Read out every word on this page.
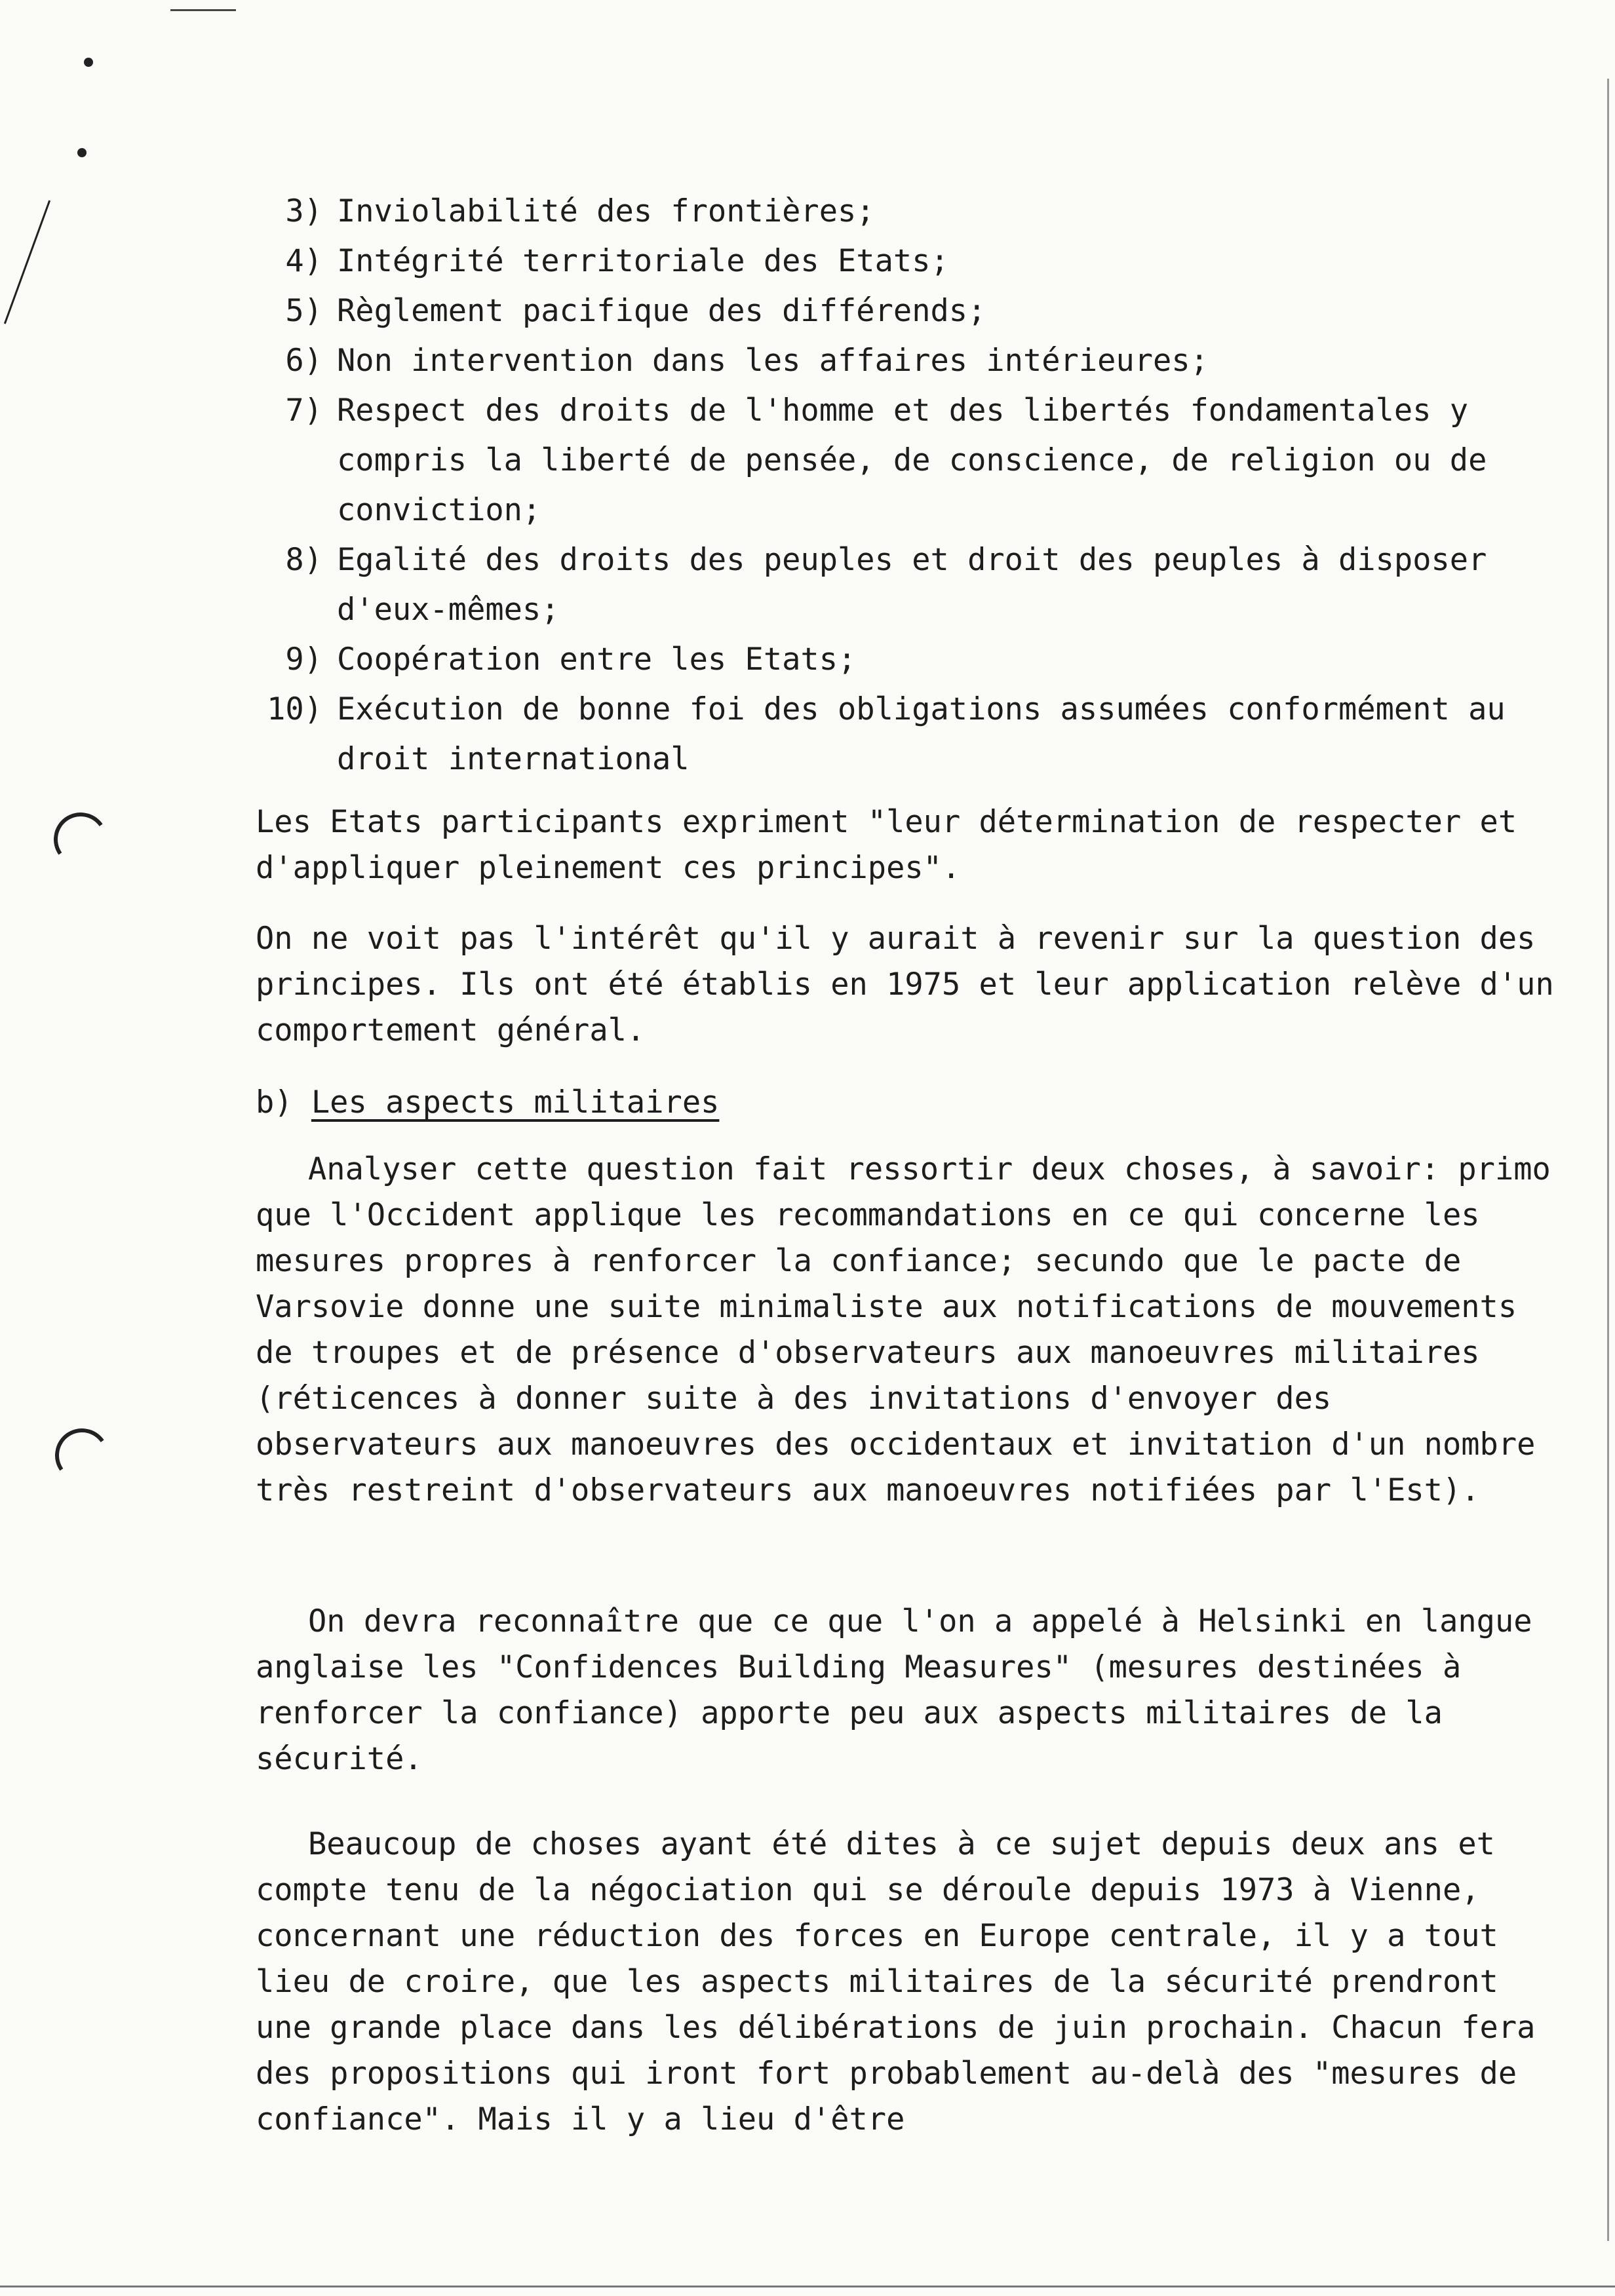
3) Inviolabilité des frontières;
4) Intégrité territoriale des Etats;
5) Règlement pacifique des différends;
6) Non intervention dans les affaires intérieures;
7) Respect des droits de l'homme et des libertés fondamentales y compris la liberté de pensée, de conscience, de religion ou de conviction;
8) Egalité des droits des peuples et droit des peuples à disposer d'eux-mêmes;
9) Coopération entre les Etats;
10) Exécution de bonne foi des obligations assumées conformément au droit international

Les Etats participants expriment "leur détermination de respecter et d'appliquer pleinement ces principes".

On ne voit pas l'intérêt qu'il y aurait à revenir sur la question des principes. Ils ont été établis en 1975 et leur application relève d'un comportement général.

b) Les aspects militaires

Analyser cette question fait ressortir deux choses, à savoir: primo que l'Occident applique les recommandations en ce qui concerne les mesures propres à renforcer la confiance; secundo que le pacte de Varsovie donne une suite minimaliste aux notifications de mouvements de troupes et de présence d'observateurs aux manoeuvres militaires (réticences à donner suite à des invitations d'envoyer des observateurs aux manoeuvres des occidentaux et invitation d'un nombre très restreint d'observateurs aux manoeuvres notifiées par l'Est).

On devra reconnaître que ce que l'on a appelé à Helsinki en langue anglaise les "Confidences Building Measures" (mesures destinées à renforcer la confiance) apporte peu aux aspects militaires de la sécurité.

Beaucoup de choses ayant été dites à ce sujet depuis deux ans et compte tenu de la négociation qui se déroule depuis 1973 à Vienne, concernant une réduction des forces en Europe centrale, il y a tout lieu de croire, que les aspects militaires de la sécurité prendront une grande place dans les délibérations de juin prochain. Chacun fera des propositions qui iront fort probablement au-delà des "mesures de confiance". Mais il y a lieu d'être
